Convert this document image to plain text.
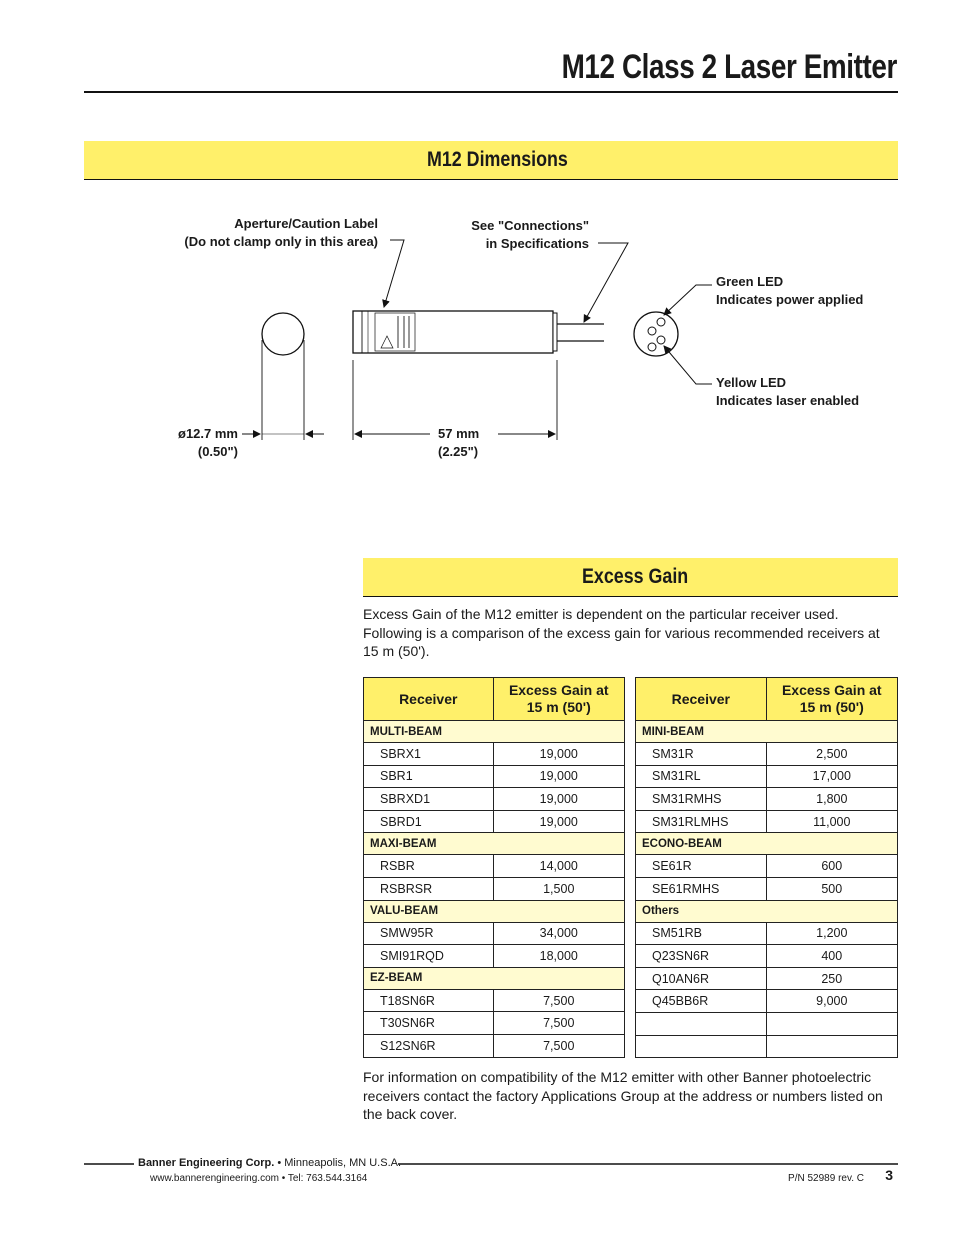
M12 Class 2 Laser Emitter
M12 Dimensions
Aperture/Caution Label
(Do not clamp only in this area)
See "Connections"
in Specifications
Green LED
Indicates power applied
Yellow LED
Indicates laser enabled
ø12.7 mm
(0.50")
57 mm
(2.25")
Excess Gain
Excess Gain of the M12 emitter is dependent on the particular receiver used. Following is a comparison of the excess gain for various recommended receivers at 15 m (50').
Receiver	Excess Gain at 15 m (50')
MULTI-BEAM	
SBRX1	19,000
SBR1	19,000
SBRXD1	19,000
SBRD1	19,000
MAXI-BEAM	
RSBR	14,000
RSBRSR	1,500
VALU-BEAM	
SMW95R	34,000
SMI91RQD	18,000
EZ-BEAM	
T18SN6R	7,500
T30SN6R	7,500
S12SN6R	7,500
Receiver	Excess Gain at 15 m (50')
MINI-BEAM	
SM31R	2,500
SM31RL	17,000
SM31RMHS	1,800
SM31RLMHS	11,000
ECONO-BEAM	
SE61R	600
SE61RMHS	500
Others	
SM51RB	1,200
Q23SN6R	400
Q10AN6R	250
Q45BB6R	9,000

For information on compatibility of the M12 emitter with other Banner photoelectric receivers contact the factory Applications Group at the address or numbers listed on the back cover.
Banner Engineering Corp. • Minneapolis, MN U.S.A.
www.bannerengineering.com • Tel: 763.544.3164	P/N 52989 rev. C 3
